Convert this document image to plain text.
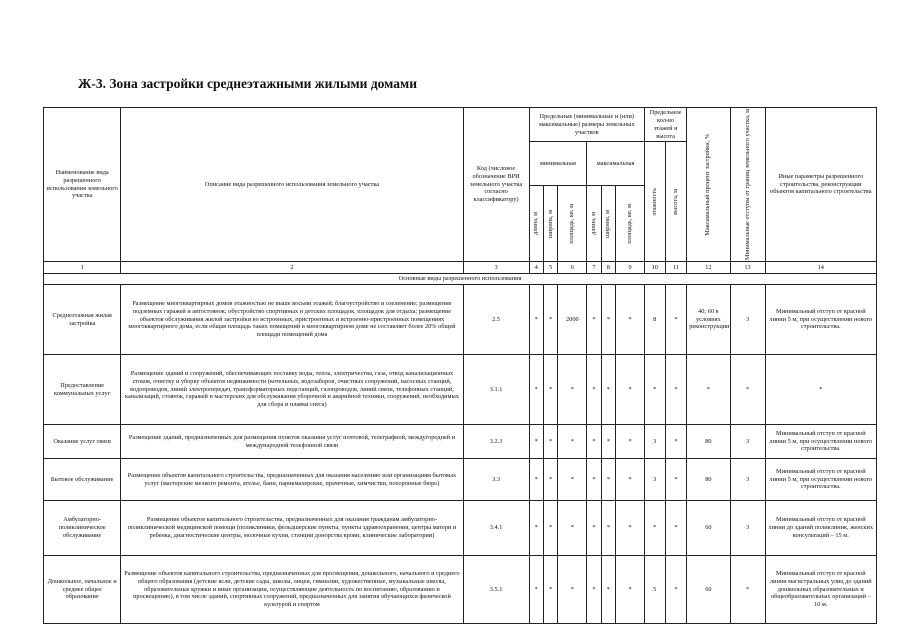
Ж-3. Зона застройки среднеэтажными жилыми домами
Наименование вида разрешенного использования земельного участка	Описание вида разрешенного использования земельного участка	Код (числовое обозначение ВРИ земельного участка согласно классификатору)	Предельные (минимальные и (или) максимальные) размеры земельных участков						Предельное кол-во этажей и высота		Максимальный процент застройки, %	Минимальные отступы от границ земельного участка, м	Иные параметры разрешенного строительства, реконструкции объектов капитального строительства
			минимальная			максимальная			этажность	высота, м			

			длина, м	ширина, м	площадь, кв. м	длина, м	ширина, м	площадь, кв. м					

1	2	3	4	5	6	7	8	9	10	11	12	13	14
Основные виды разрешенного использования													
Среднеэтажная жилая застройка	Размещение многоквартирных домов этажностью не выше восьми этажей; благоустройство и озеленение; размещение подземных гаражей и автостоянок; обустройство спортивных и детских площадок, площадок для отдыха; размещение объектов обслуживания жилой застройки во встроенных, пристроенных и встроенно-пристроенных помещениях многоквартирного дома, если общая площадь таких помещений в многоквартирном доме не составляет более 20% общей площади помещений дома	2.5	*	*	2000	*	*	*	8	*	40; 60 в условиях реконструкции	3	Минимальный отступ от красной линии 5 м, при осуществлении нового строительства.
Предоставление коммунальных услуг	Размещение зданий и сооружений, обеспечивающих поставку воды, тепла, электричества, газа, отвод канализационных стоков, очистку и уборку объектов недвижимости (котельных, водозаборов, очистных сооружений, насосных станций, водопроводов, линий электропередач, трансформаторных подстанций, газопроводов, линий связи, телефонных станций, канализаций, стоянок, гаражей и мастерских для обслуживания уборочной и аварийной техники, сооружений, необходимых для сбора и плавки снега)	3.1.1	*	*	*	*	*	*	*	*	*	*	*
Оказание услуг связи	Размещение зданий, предназначенных для размещения пунктов оказания услуг почтовой, телеграфной, междугородней и международной телефонной связи	3.2.3	*	*	*	*	*	*	3	*	80	3	Минимальный отступ от красной линии 5 м, при осуществлении нового строительства.
Бытовое обслуживание	Размещение объектов капитального строительства, предназначенных для оказания населению или организациям бытовых услуг (мастерские мелкого ремонта, ателье, бани, парикмахерские, прачечные, химчистки, похоронные бюро)	3.3	*	*	*	*	*	*	3	*	80	3	Минимальный отступ от красной линии 5 м, при осуществлении нового строительства.
Амбулаторно-поликлиническое обслуживание	Размещение объектов капитального строительства, предназначенных для оказания гражданам амбулаторно-поликлинической медицинской помощи (поликлиники, фельдшерские пункты, пункты здравоохранения, центры матери и ребенка, диагностические центры, молочные кухни, станции донорства крови, клинические лаборатории)	3.4.1	*	*	*	*	*	*	*	*	60	3	Минимальный отступ от красной линии до зданий поликлиник, женских консультаций – 15 м.
Дошкольное, начальное и среднее общее образование	Размещение объектов капитального строительства, предназначенных для просвещения, дошкольного, начального и среднего общего образования (детские ясли, детские сады, школы, лицеи, гимназии, художественные, музыкальные школы, образовательные кружки и иные организации, осуществляющие деятельность по воспитанию, образованию и просвещению), в том числе зданий, спортивных сооружений, предназначенных для занятия обучающихся физической культурой и спортом	3.5.1	*	*	*	*	*	*	5	*	60	*	Минимальный отступ от красной линии магистральных улиц до зданий дошкольных образовательных и общеобразовательных организаций – 10 м.
